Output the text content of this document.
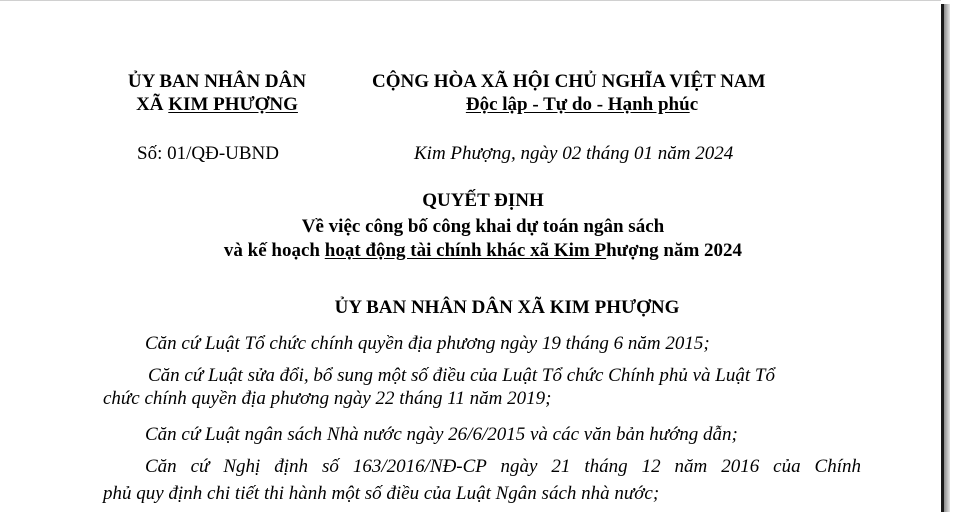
ỦY BAN NHÂN DÂN
XÃ KIM PHƯỢNG
CỘNG HÒA XÃ HỘI CHỦ NGHĨA VIỆT NAM
Độc lập - Tự do - Hạnh phúc
Số: 01/QĐ-UBND	Kim Phượng, ngày 02 tháng 01 năm 2024
QUYẾT ĐỊNH
Về việc công bố công khai dự toán ngân sách
và kế hoạch hoạt động tài chính khác xã Kim Phượng năm 2024
ỦY BAN NHÂN DÂN XÃ KIM PHƯỢNG
Căn cứ Luật Tổ chức chính quyền địa phương ngày 19 tháng 6 năm 2015;
Căn cứ Luật sửa đổi, bổ sung một số điều của Luật Tổ chức Chính phủ và Luật Tổ
chức chính quyền địa phương ngày 22 tháng 11 năm 2019;
Căn cứ Luật ngân sách Nhà nước ngày 26/6/2015 và các văn bản hướng dẫn;
Căn cứ Nghị định số 163/2016/NĐ-CP ngày 21 tháng 12 năm 2016 của Chính
phủ quy định chi tiết thi hành một số điều của Luật Ngân sách nhà nước;
